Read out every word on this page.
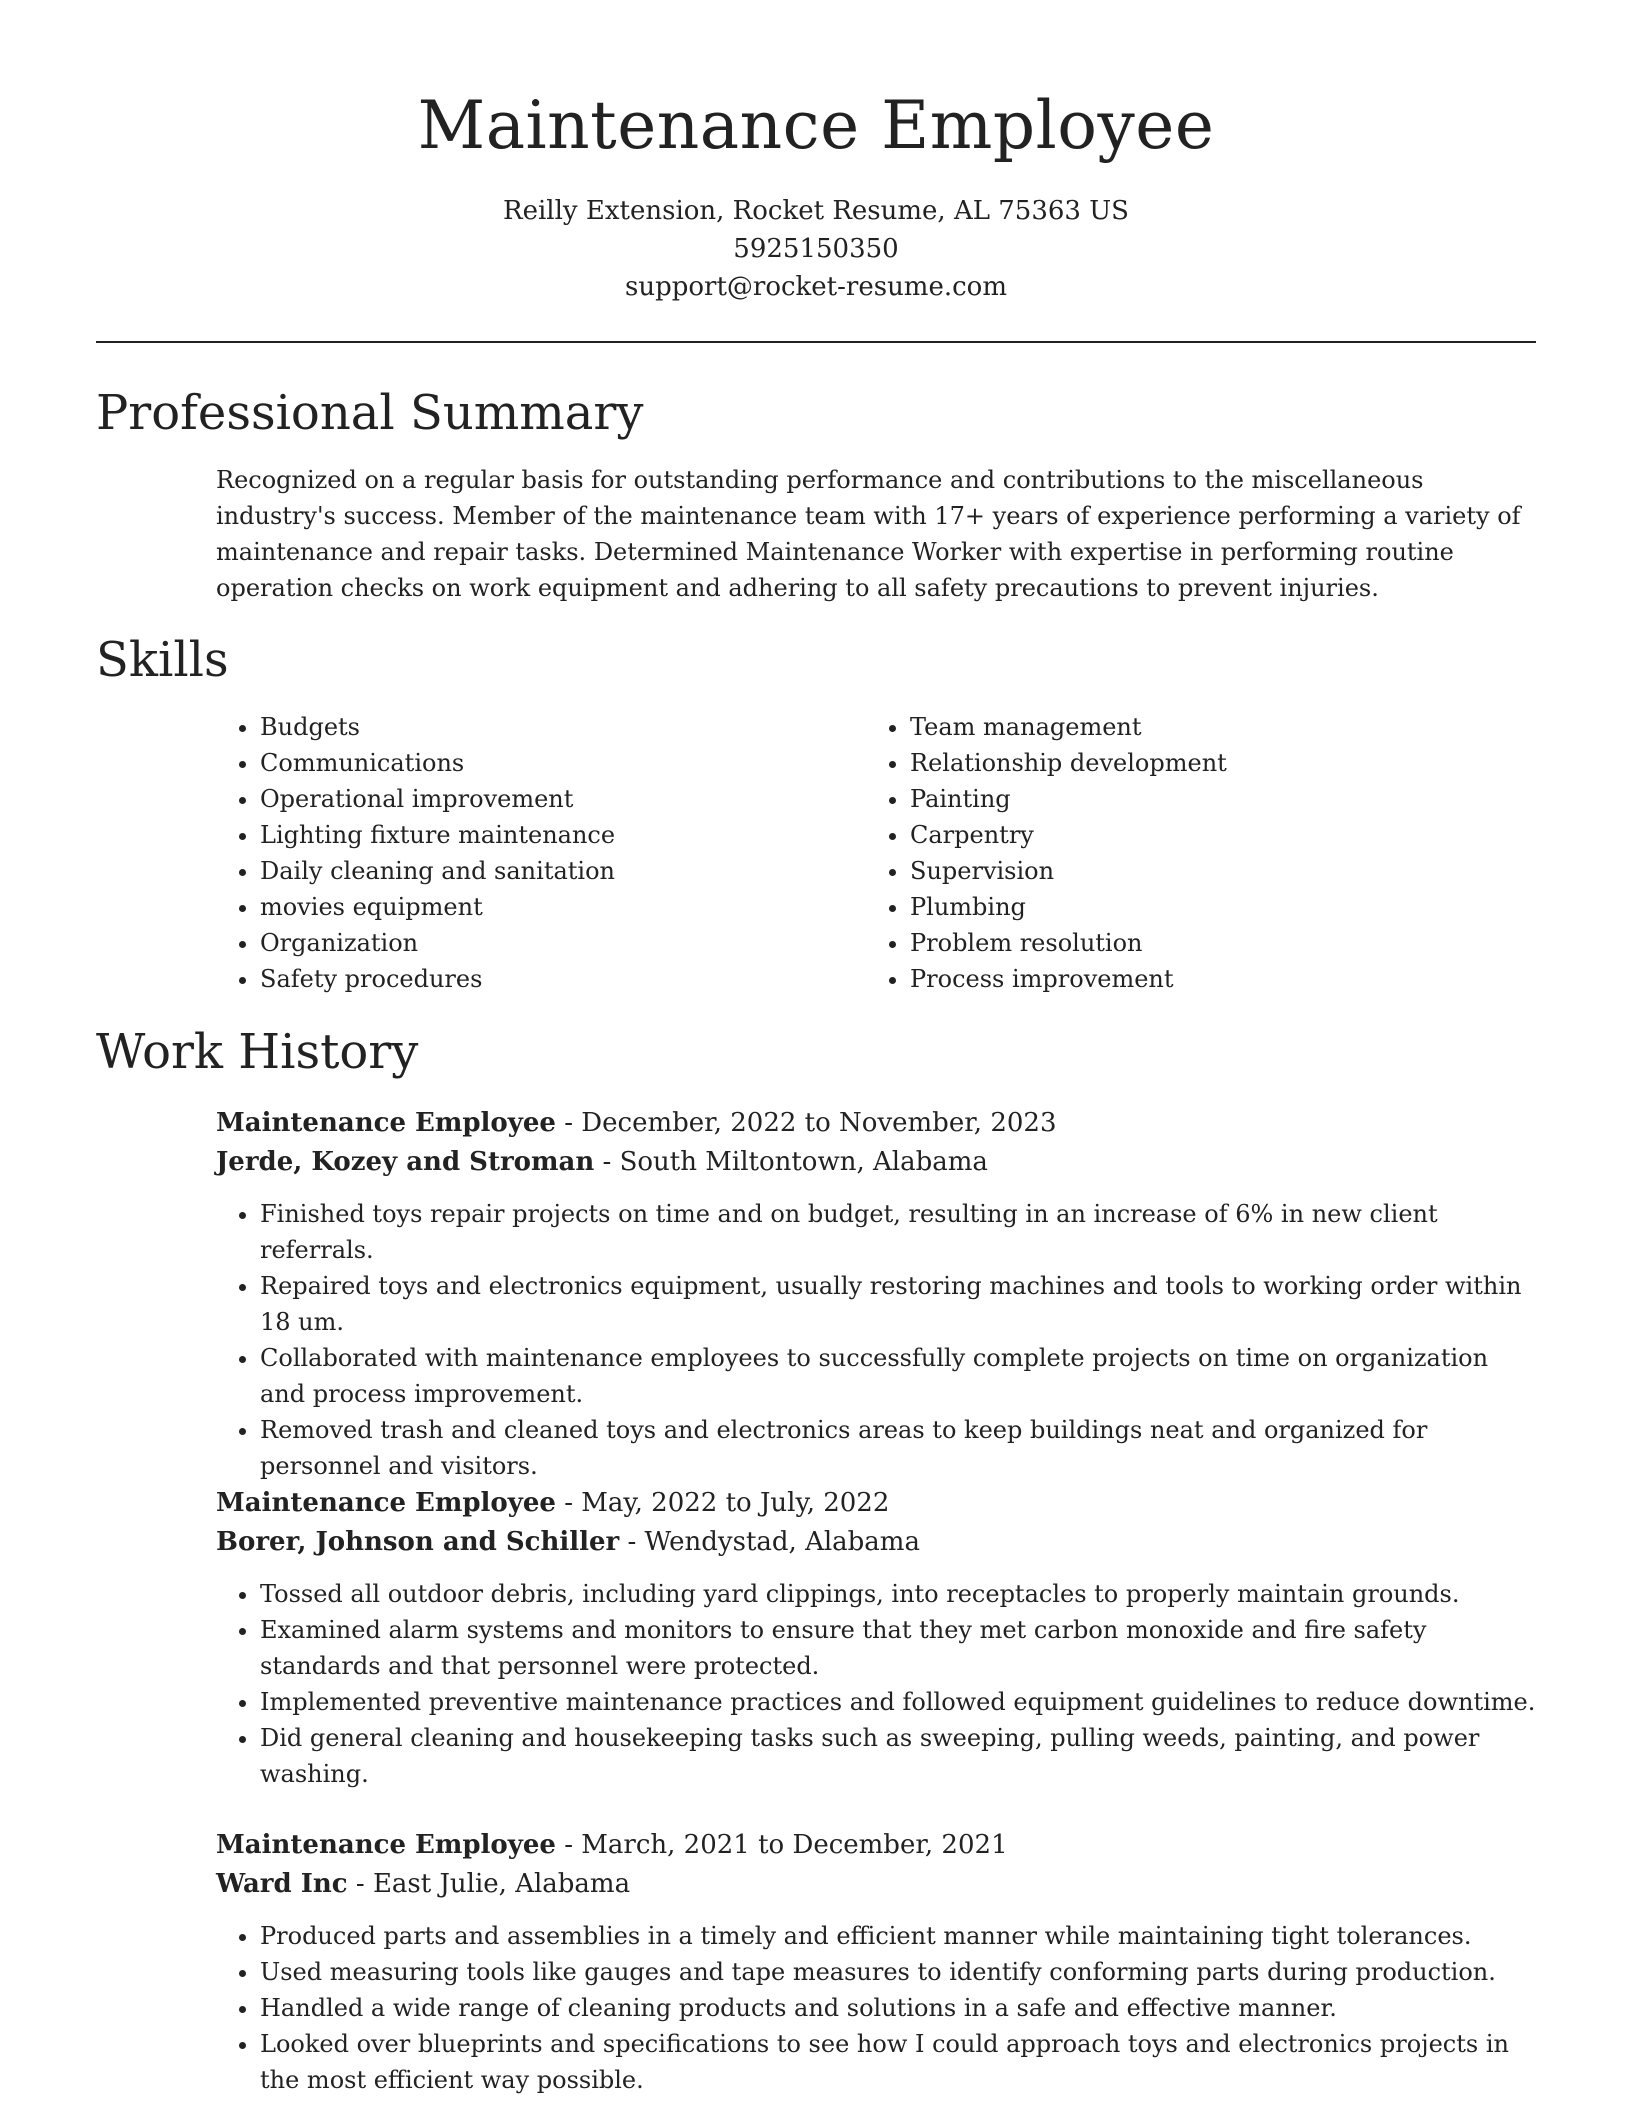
Maintenance Employee
Reilly Extension, Rocket Resume, AL 75363 US
5925150350
support@rocket-resume.com
Professional Summary

Recognized on a regular basis for outstanding performance and contributions to the miscellaneous industry's success. Member of the maintenance team with 17+ years of experience performing a variety of maintenance and repair tasks. Determined Maintenance Worker with expertise in performing routine operation checks on work equipment and adhering to all safety precautions to prevent injuries.

Skills
• Budgets
• Communications
• Operational improvement
• Lighting fixture maintenance
• Daily cleaning and sanitation
• movies equipment
• Organization
• Safety procedures
• Team management
• Relationship development
• Painting
• Carpentry
• Supervision
• Plumbing
• Problem resolution
• Process improvement
Work History
Maintenance Employee - December, 2022 to November, 2023
Jerde, Kozey and Stroman - South Miltontown, Alabama
• Finished toys repair projects on time and on budget, resulting in an increase of 6% in new client referrals.
• Repaired toys and electronics equipment, usually restoring machines and tools to working order within 18 um.
• Collaborated with maintenance employees to successfully complete projects on time on organization and process improvement.
• Removed trash and cleaned toys and electronics areas to keep buildings neat and organized for personnel and visitors.
Maintenance Employee - May, 2022 to July, 2022
Borer, Johnson and Schiller - Wendystad, Alabama
• Tossed all outdoor debris, including yard clippings, into receptacles to properly maintain grounds.
• Examined alarm systems and monitors to ensure that they met carbon monoxide and fire safety standards and that personnel were protected.
• Implemented preventive maintenance practices and followed equipment guidelines to reduce downtime.
• Did general cleaning and housekeeping tasks such as sweeping, pulling weeds, painting, and power washing.
Maintenance Employee - March, 2021 to December, 2021
Ward Inc - East Julie, Alabama
• Produced parts and assemblies in a timely and efficient manner while maintaining tight tolerances.
• Used measuring tools like gauges and tape measures to identify conforming parts during production.
• Handled a wide range of cleaning products and solutions in a safe and effective manner.
• Looked over blueprints and specifications to see how I could approach toys and electronics projects in the most efficient way possible.
